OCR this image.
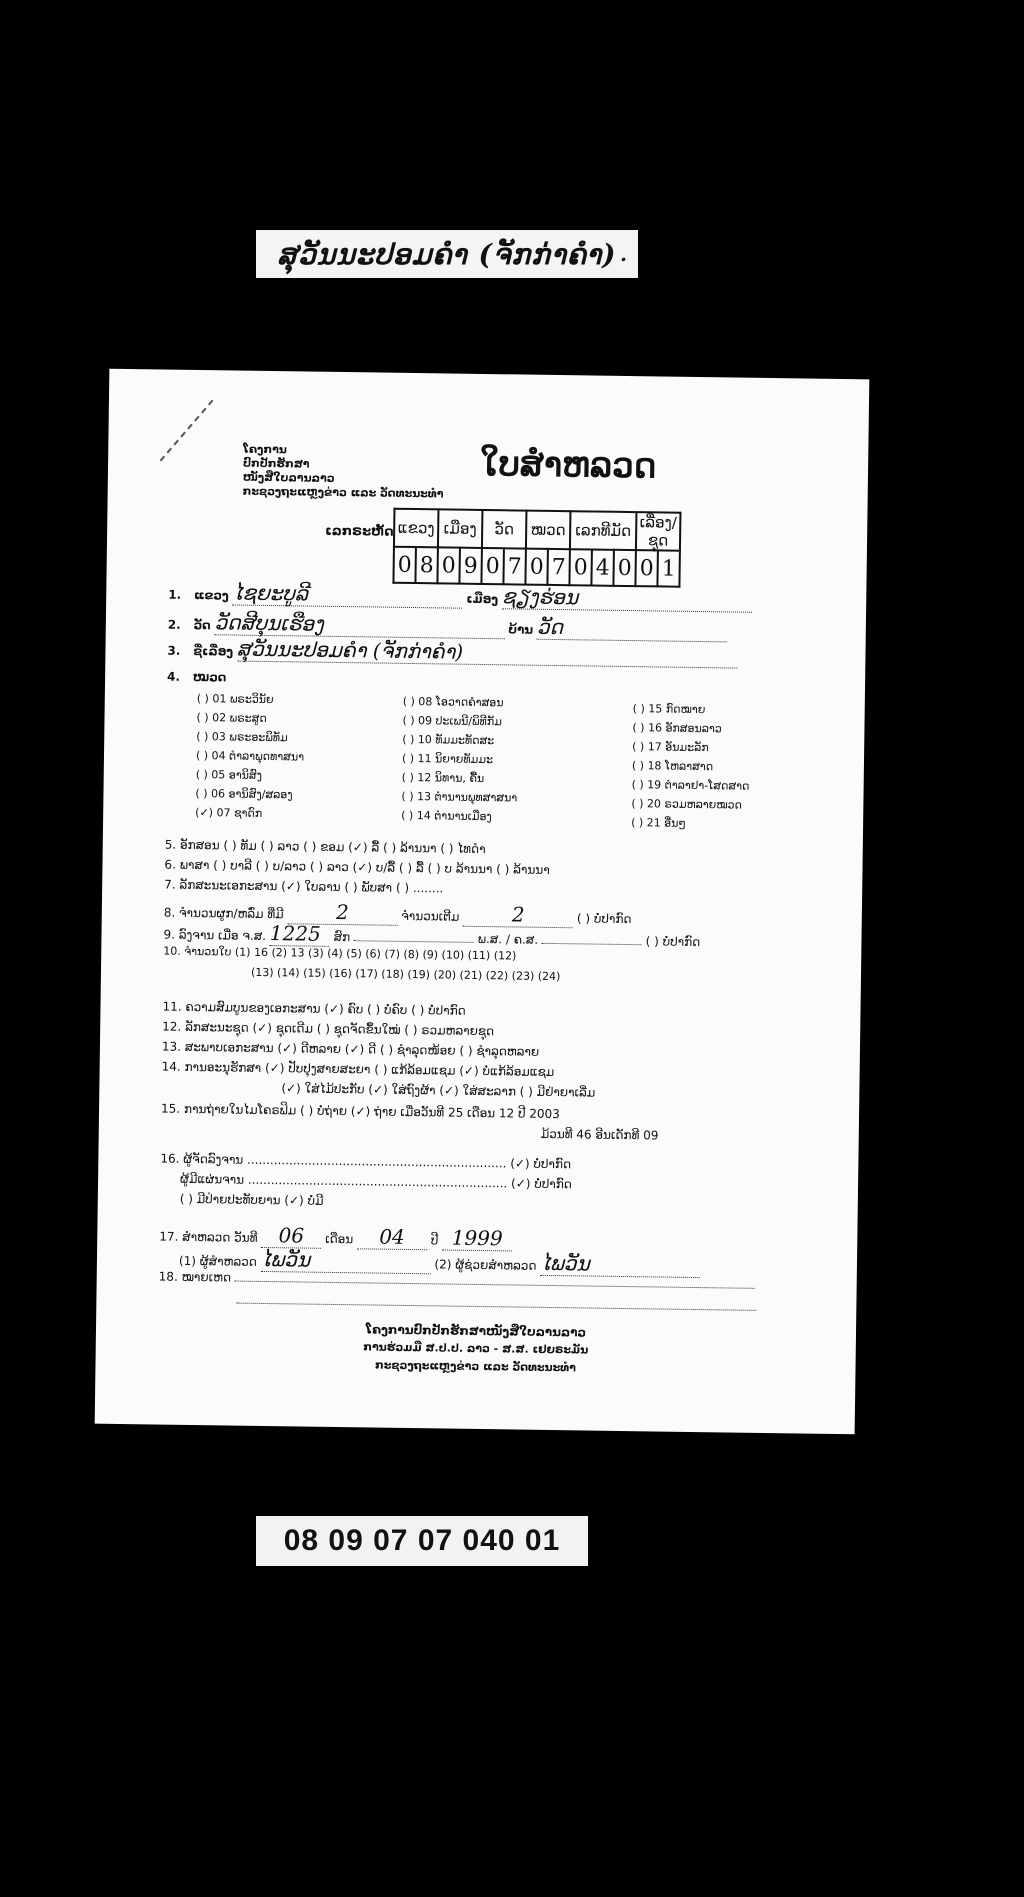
ສຸວັນນະປອມຄຳ (ຈັກກ່າຄຳ) .
ໂຄງການ
ປົກປັກຮັກສາ
ໜັງສືໃບລານລາວ
ກະຊວງຖະແຫຼງຂ່າວ ແລະ ວັດທະນະທຳ
ໃບສຳຫລວດ
ເລກຣະຫັດ ແຂວງ		ເມືອງ		ວັດ		ໝວດ		ເລກທີມັດ			ເລື່ອງ/ຊຸດ	
0	8	0	9	0	7	0	7	0	4	0	0	1
1. ແຂວງ ໄຊຍະບູລີ	ເມືອງ ຊຽງຮ່ອນ
2. ວັດ ວັດສີບຸນເຮືອງ	ບ້ານ ວັດ
3. ຊື່ເລື່ອງ ສຸວັນນະປອມຄຳ (ຈັກກ່າຄຳ)
4. ໝວດ
( ) 01 ພຣະວິນັຍ
( ) 02 ພຣະສູດ
( ) 03 ພຣະອະພິທັມ
( ) 04 ຕຳລາພຸດທາສນາ
( ) 05 ອານິສົງ
( ) 06 ອານິສົງ/ສລອງ
(✓) 07 ຊາດົກ
( ) 08 ໂອວາດຄຳສອນ
( ) 09 ປະເພນີ/ພິທີກັມ
( ) 10 ທັມມະທັດສະ
( ) 11 ນິຍາຍທັມມະ
( ) 12 ນິທານ, ຄື້ນ
( ) 13 ຕຳນານພຸທສາສນາ
( ) 14 ຕຳນານເມືອງ
( ) 15 ກົດໝາຍ
( ) 16 ອັກສອນລາວ
( ) 17 ອັນມະລັກ
( ) 18 ໂຫລາສາດ
( ) 19 ຕຳລາຢາ-ໂສດສາດ
( ) 20 ຣວມຫລາຍໝວດ
( ) 21 ອື່ນໆ
5. ອັກສອນ ( ) ທັມ ( ) ລາວ ( ) ຂອມ (✓) ລື້ ( ) ລ້ານນາ ( ) ໄທດຳ
6. ພາສາ ( ) ບາລີ ( ) ບ/ລາວ ( ) ລາວ (✓) ບ/ລື້ ( ) ລື້ ( ) ບ ລ້ານນາ ( ) ລ້ານນາ
7. ລັກສະນະເອກະສານ (✓) ໃບລານ ( ) ພັບສາ ( ) ........
8. ຈຳນວນຜູກ/ຫລົ່ມ ທີ່ມີ	2	ຈຳນວນເຕີມ	2	( ) ບໍ່ປາກົດ
9. ລົງຈານ ເມື່ອ ຈ.ສ. 1225 ສົກ	ພ.ສ. / ຄ.ສ.	( ) ບໍ່ປາກົດ
10. ຈຳນວນໃບ (1) 16 (2) 13 (3) (4) (5) (6) (7) (8) (9) (10) (11) (12)
(13) (14) (15) (16) (17) (18) (19) (20) (21) (22) (23) (24)
11. ຄວາມສົມບູນຂອງເອກະສານ (✓) ຄົບ ( ) ບໍ່ຄົບ ( ) ບໍ່ປາກົດ
12. ລັກສະນະຊຸດ (✓) ຊຸດເດີມ ( ) ຊຸດຈັດຂຶ້ນໃໝ່ ( ) ຣວມຫລາຍຊຸດ
13. ສະພາບເອກະສານ (✓) ດີຫລາຍ (✓) ດີ ( ) ຊຳລຸດໜ້ອຍ ( ) ຊຳລຸດຫລາຍ
14. ການອະນຸຮັກສາ (✓) ປັບປຸງສາຍສະຍາ ( ) ແກ້ລ້ອມແຊມ (✓) ບໍ່ແກ້ລ້ອມແຊມ
(✓) ໃສ່ໄມ້ປະກັບ (✓) ໃສ່ຖົງຜ້າ (✓) ໃສ່ສະລາກ ( ) ມີຢ່າຍາເລີ່ມ
15. ການຖ່າຍໃນໄມໂຄຣຟິມ ( ) ບໍ່ຖ່າຍ (✓) ຖ່າຍ ເມື່ອວັນທີ 25 ເດືອນ 12 ປີ 2003
ມ້ວນທີ 46 ອີນເດັກທີ 09
16. ຜູ້ຈັດລົງຈານ .................................................................... (✓) ບໍ່ປາກົດ
ຜູ້ມີແຜ່ນຈານ .................................................................... (✓) ບໍ່ປາກົດ
( ) ມີປ່າຍປະທັບຍານ (✓) ບໍ່ມີ
17. ສຳຫລວດ ວັນທີ 06 ເດືອນ 04 ປີ 1999
(1) ຜູ້ສຳຫລວດ ໄພວັນ	(2) ຜູ້ຊ່ວຍສຳຫລວດ ໄພວັນ
18. ໝາຍເຫດ
ໂຄງການປົກປັກຮັກສາໜັງສືໃບລານລາວ
ການຮ່ວມມື ສ.ປ.ປ. ລາວ - ສ.ສ. ເຢຍຣະມັນ
ກະຊວງຖະແຫຼງຂ່າວ ແລະ ວັດທະນະທຳ
08 09 07 07 040 01
